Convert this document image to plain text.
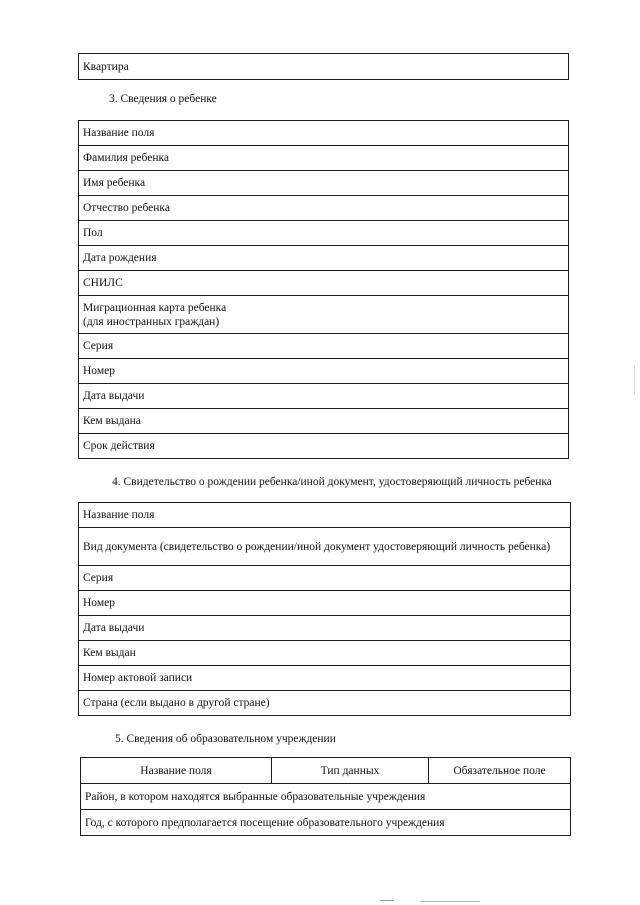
Квартира
3. Сведения о ребенке
Название поля
Фамилия ребенка
Имя ребенка
Отчество ребенка
Пол
Дата рождения
СНИЛС
Миграционная карта ребенка
(для иностранных граждан)
Серия
Номер
Дата выдачи
Кем выдана
Срок действия
4. Свидетельство о рождении ребенка/иной документ, удостоверяющий личность ребенка
Название поля
Вид документа (свидетельство о рождении/иной документ удостоверяющий личность ребенка)
Серия
Номер
Дата выдачи
Кем выдан
Номер актовой записи
Страна (если выдано в другой стране)
5. Сведения об образовательном учреждении
Название поля	Тип данных	Обязательное поле
Район, в котором находятся выбранные образовательные учреждения
Год, с которого предполагается посещение образовательного учреждения
